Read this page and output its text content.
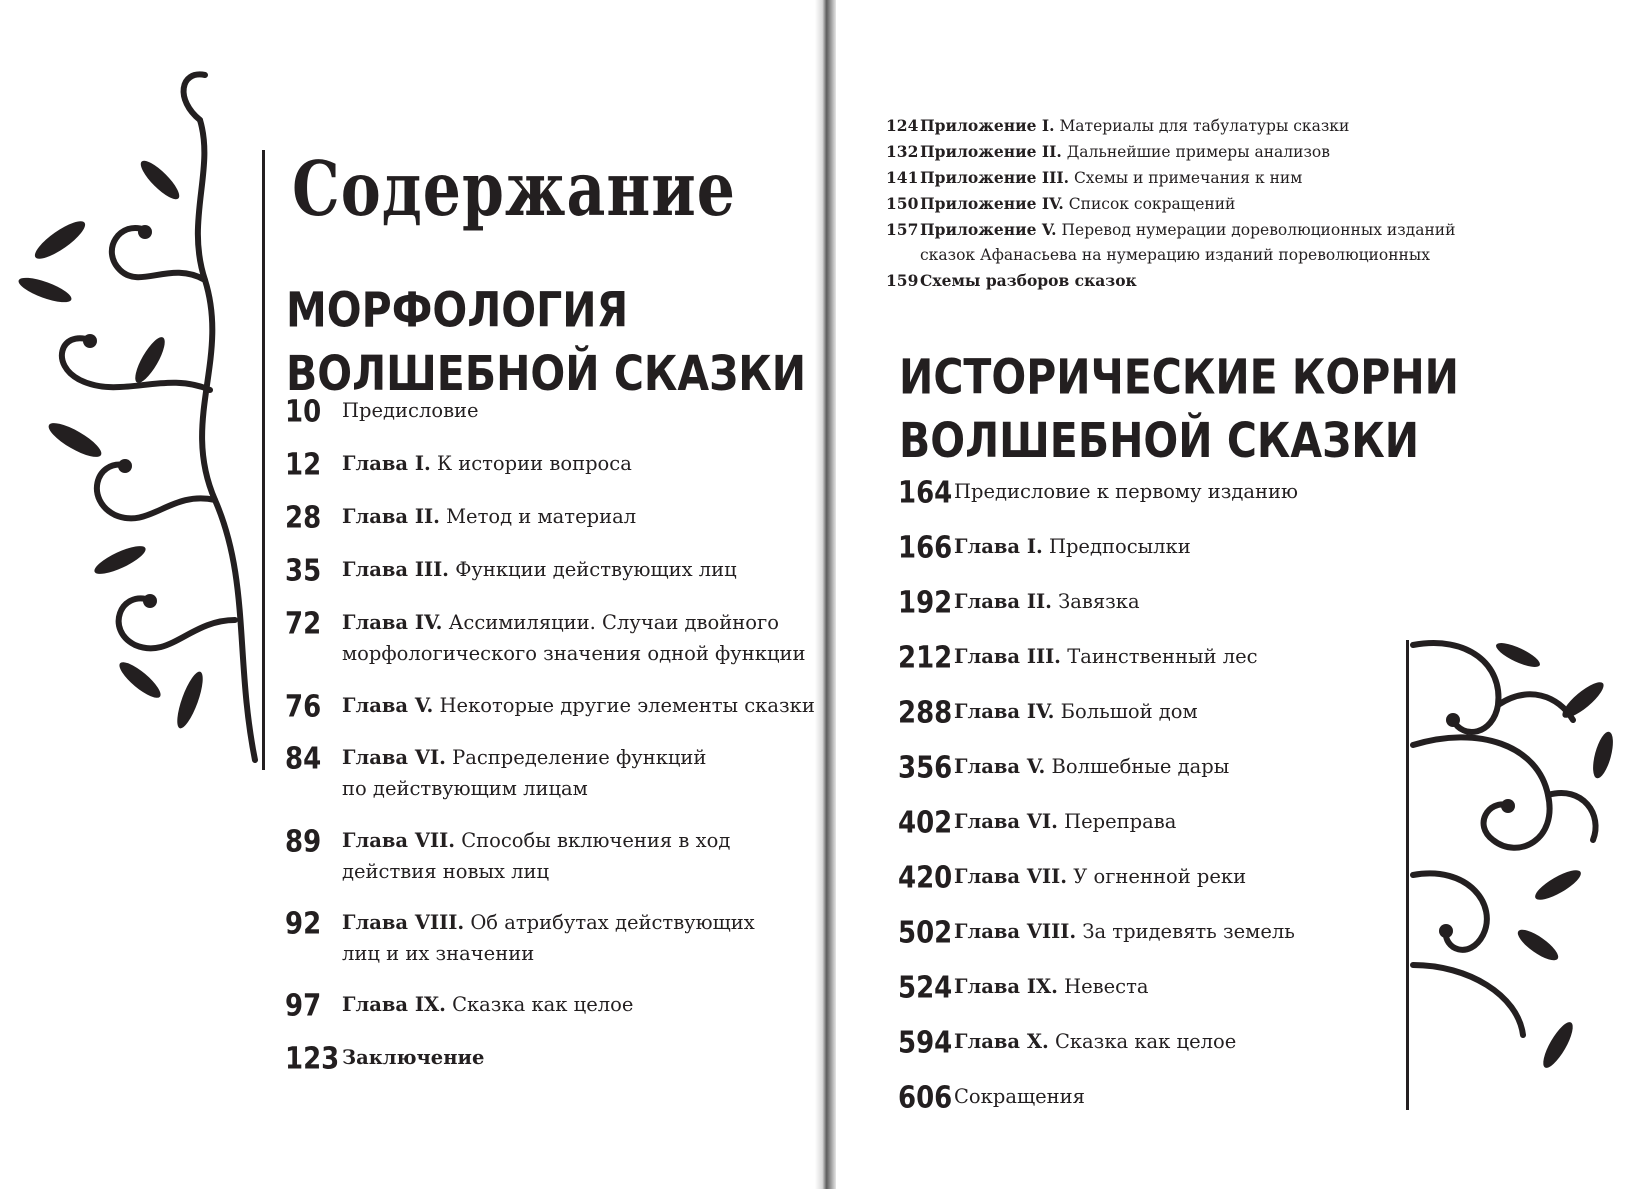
Содержание
МОРФОЛОГИЯ
ВОЛШЕБНОЙ СКАЗКИ
10 Предисловие
12 Глава I. К истории вопроса
28 Глава II. Метод и материал
35 Глава III. Функции действующих лиц
72 Глава IV. Ассимиляции. Случаи двойного
морфологического значения одной функции
76 Глава V. Некоторые другие элементы сказки
84 Глава VI. Распределение функций
по действующим лицам
89 Глава VII. Способы включения в ход
действия новых лиц
92 Глава VIII. Об атрибутах действующих
лиц и их значении
97 Глава IX. Сказка как целое
123 Заключение
124 Приложение I. Материалы для табулатуры сказки
132 Приложение II. Дальнейшие примеры анализов
141 Приложение III. Схемы и примечания к ним
150 Приложение IV. Список сокращений
157 Приложение V. Перевод нумерации дореволюционных изданий
сказок Афанасьева на нумерацию изданий пореволюционных
159 Схемы разборов сказок
ИСТОРИЧЕСКИЕ КОРНИ
ВОЛШЕБНОЙ СКАЗКИ
164 Предисловие к первому изданию
166 Глава I. Предпосылки
192 Глава II. Завязка
212 Глава III. Таинственный лес
288 Глава IV. Большой дом
356 Глава V. Волшебные дары
402 Глава VI. Переправа
420 Глава VII. У огненной реки
502 Глава VIII. За тридевять земель
524 Глава IX. Невеста
594 Глава X. Сказка как целое
606 Сокращения
